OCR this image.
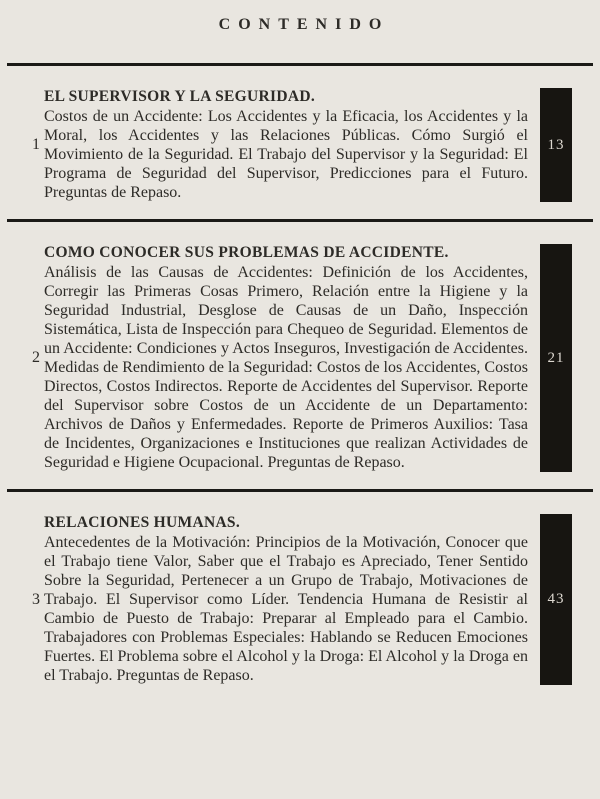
CONTENIDO
1
EL SUPERVISOR Y LA SEGURIDAD.
Costos de un Accidente: Los Accidentes y la Eficacia, los Accidentes y la Moral, los Accidentes y las Relaciones Públicas. Cómo Surgió el Movimiento de la Seguridad. El Trabajo del Supervisor y la Seguridad: El Programa de Seguridad del Supervisor, Predicciones para el Futuro. Preguntas de Repaso.
13
2
COMO CONOCER SUS PROBLEMAS DE ACCIDENTE.
Análisis de las Causas de Accidentes: Definición de los Accidentes, Corregir las Primeras Cosas Primero, Relación entre la Higiene y la Seguridad Industrial, Desglose de Causas de un Daño, Inspección Sistemática, Lista de Inspección para Chequeo de Seguridad. Elementos de un Accidente: Condiciones y Actos Inseguros, Investigación de Accidentes. Medidas de Rendimiento de la Seguridad: Costos de los Accidentes, Costos Directos, Costos Indirectos. Reporte de Accidentes del Supervisor. Reporte del Supervisor sobre Costos de un Accidente de un Departamento: Archivos de Daños y Enfermedades. Reporte de Primeros Auxilios: Tasa de Incidentes, Organizaciones e Instituciones que realizan Actividades de Seguridad e Higiene Ocupacional. Preguntas de Repaso.
21
3
RELACIONES HUMANAS.
Antecedentes de la Motivación: Principios de la Motivación, Conocer que el Trabajo tiene Valor, Saber que el Trabajo es Apreciado, Tener Sentido Sobre la Seguridad, Pertenecer a un Grupo de Trabajo, Motivaciones de Trabajo. El Supervisor como Líder. Tendencia Humana de Resistir al Cambio de Puesto de Trabajo: Preparar al Empleado para el Cambio. Trabajadores con Problemas Especiales: Hablando se Reducen Emociones Fuertes. El Problema sobre el Alcohol y la Droga: El Alcohol y la Droga en el Trabajo. Preguntas de Repaso.
43
